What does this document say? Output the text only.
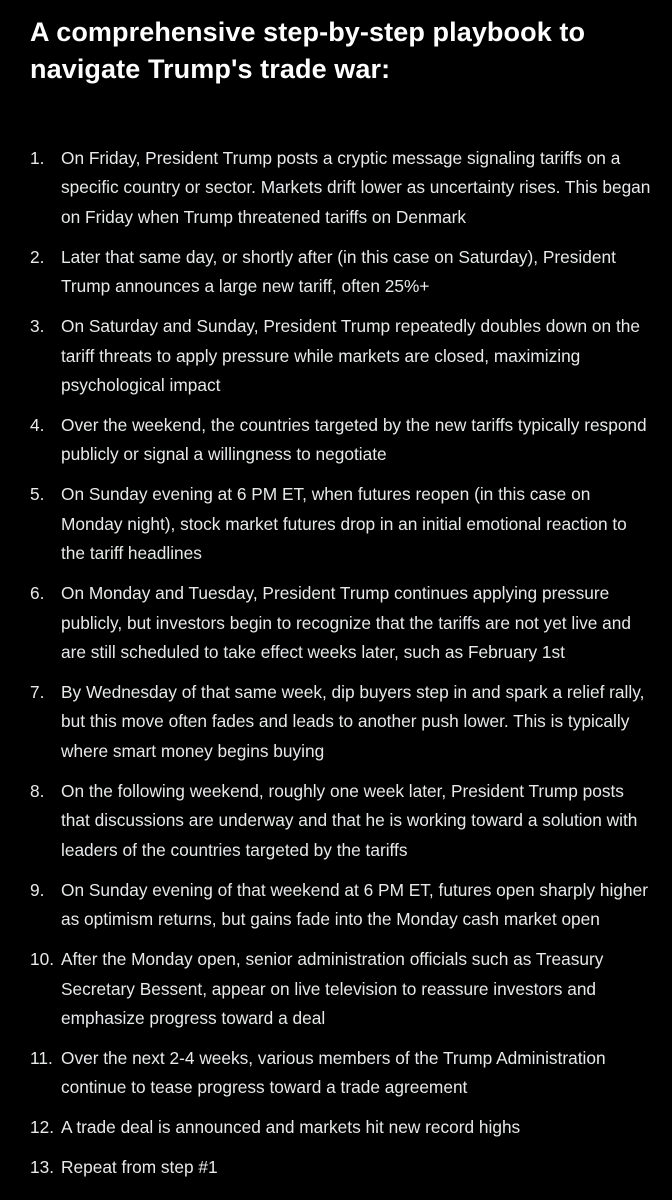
A comprehensive step-by-step playbook to navigate Trump's trade war:
1. On Friday, President Trump posts a cryptic message signaling tariffs on a specific country or sector. Markets drift lower as uncertainty rises. This began on Friday when Trump threatened tariffs on Denmark
2. Later that same day, or shortly after (in this case on Saturday), President Trump announces a large new tariff, often 25%+
3. On Saturday and Sunday, President Trump repeatedly doubles down on the tariff threats to apply pressure while markets are closed, maximizing psychological impact
4. Over the weekend, the countries targeted by the new tariffs typically respond publicly or signal a willingness to negotiate
5. On Sunday evening at 6 PM ET, when futures reopen (in this case on Monday night), stock market futures drop in an initial emotional reaction to the tariff headlines
6. On Monday and Tuesday, President Trump continues applying pressure publicly, but investors begin to recognize that the tariffs are not yet live and are still scheduled to take effect weeks later, such as February 1st
7. By Wednesday of that same week, dip buyers step in and spark a relief rally, but this move often fades and leads to another push lower. This is typically where smart money begins buying
8. On the following weekend, roughly one week later, President Trump posts that discussions are underway and that he is working toward a solution with leaders of the countries targeted by the tariffs
9. On Sunday evening of that weekend at 6 PM ET, futures open sharply higher as optimism returns, but gains fade into the Monday cash market open
10. After the Monday open, senior administration officials such as Treasury Secretary Bessent, appear on live television to reassure investors and emphasize progress toward a deal
11. Over the next 2-4 weeks, various members of the Trump Administration continue to tease progress toward a trade agreement
12. A trade deal is announced and markets hit new record highs
13. Repeat from step #1
